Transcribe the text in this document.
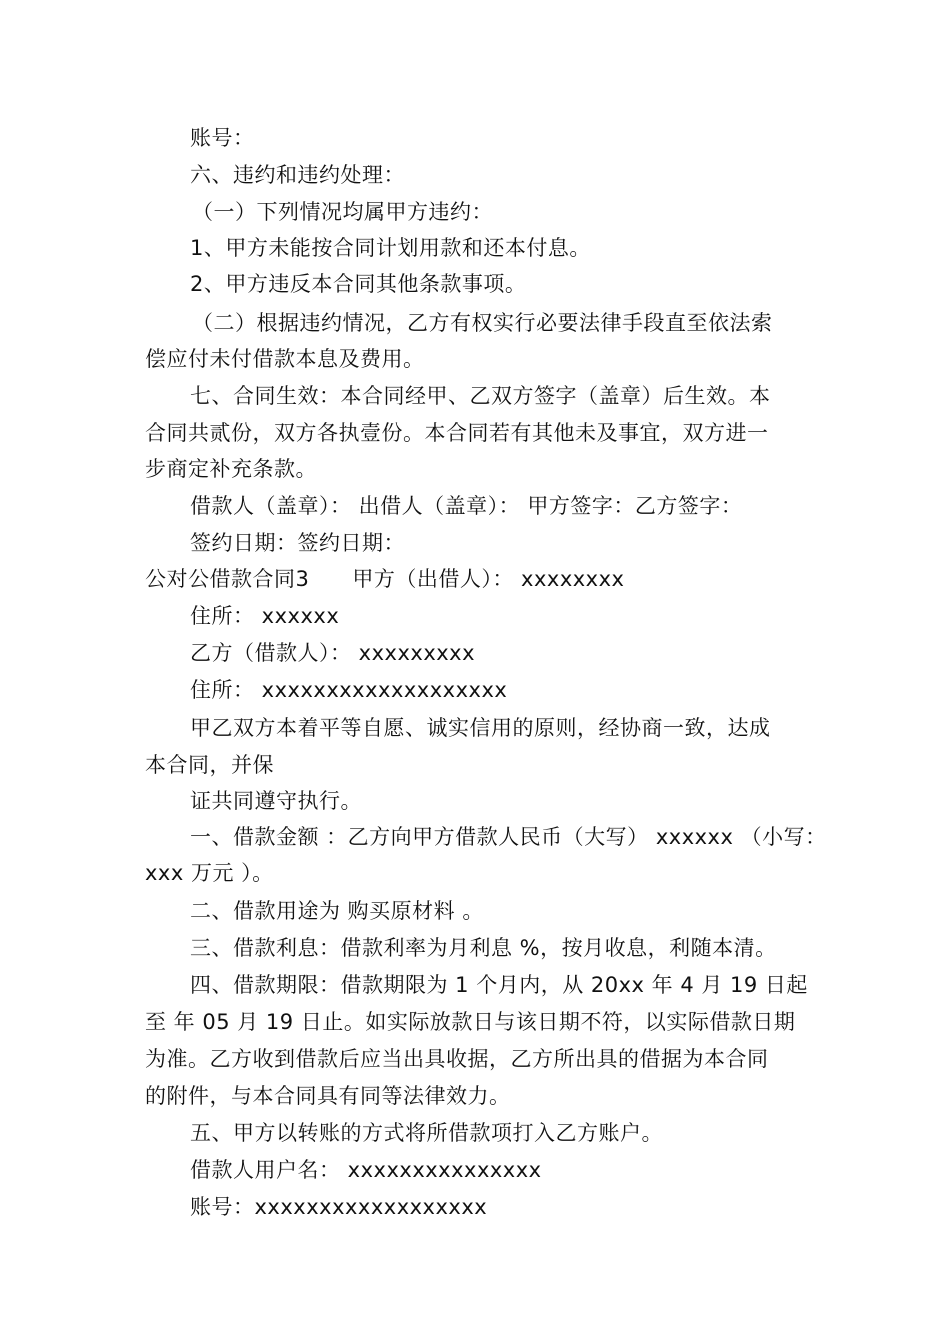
账号：
六、违约和违约处理：
（一）下列情况均属甲方违约：
1、甲方未能按合同计划用款和还本付息。
2、甲方违反本合同其他条款事项。
（二）根据违约情况，乙方有权实行必要法律手段直至依法索
偿应付未付借款本息及费用。
七、合同生效：本合同经甲、乙双方签字（盖章）后生效。本
合同共贰份，双方各执壹份。本合同若有其他未及事宜，双方进一
步商定补充条款。
借款人（盖章）： 出借人（盖章）： 甲方签字：乙方签字：
签约日期：签约日期：
公对公借款合同3　　甲方（出借人）： xxxxxxxx
住所： xxxxxx
乙方（借款人）： xxxxxxxxx
住所： xxxxxxxxxxxxxxxxxxx
甲乙双方本着平等自愿、诚实信用的原则，经协商一致，达成
本合同，并保
证共同遵守执行。
一、借款金额 ：乙方向甲方借款人民币（大写） xxxxxx （小写：
xxx 万元 ）。
二、借款用途为 购买原材料 。
三、借款利息：借款利率为月利息 %，按月收息，利随本清。
四、借款期限：借款期限为 1 个月内，从 20xx 年 4 月 19 日起
至 年 05 月 19 日止。如实际放款日与该日期不符，以实际借款日期
为准。乙方收到借款后应当出具收据，乙方所出具的借据为本合同
的附件，与本合同具有同等法律效力。
五、甲方以转账的方式将所借款项打入乙方账户。
借款人用户名： xxxxxxxxxxxxxxx
账号：xxxxxxxxxxxxxxxxxx
